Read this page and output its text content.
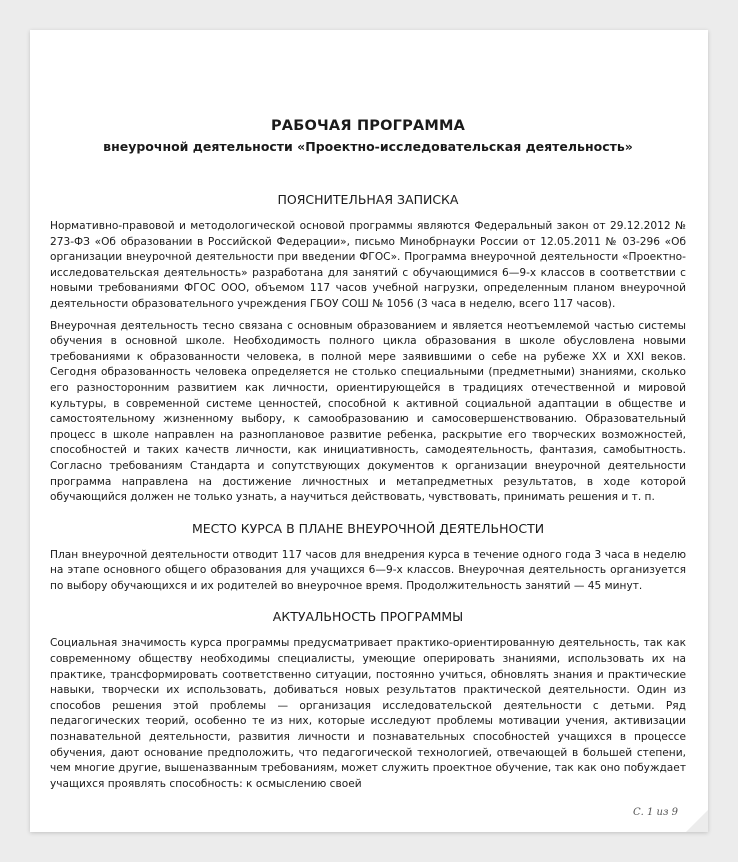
РАБОЧАЯ ПРОГРАММА
внеурочной деятельности «Проектно-исследовательская деятельность»
ПОЯСНИТЕЛЬНАЯ ЗАПИСКА

Нормативно-правовой и методологической основой программы являются Федеральный закон от 29.12.2012 № 273-ФЗ «Об образовании в Российской Федерации», письмо Минобрнауки России от 12.05.2011 № 03-296 «Об организации внеурочной деятельности при введении ФГОС». Программа внеурочной деятельности «Проектно-исследовательская деятельность» разработана для занятий с обучающимися 6—9-х классов в соответствии с новыми требованиями ФГОС ООО, объемом 117 часов учебной нагрузки, определенным планом внеурочной деятельности образовательного учреждения ГБОУ СОШ № 1056 (3 часа в неделю, всего 117 часов).

Внеурочная деятельность тесно связана с основным образованием и является неотъемлемой частью системы обучения в основной школе. Необходимость полного цикла образования в школе обусловлена новыми требованиями к образованности человека, в полной мере заявившими о себе на рубеже XX и XXI веков. Сегодня образованность человека определяется не столько специальными (предметными) знаниями, сколько его разносторонним развитием как личности, ориентирующейся в традициях отечественной и мировой культуры, в современной системе ценностей, способной к активной социальной адаптации в обществе и самостоятельному жизненному выбору, к самообразованию и самосовершенствованию. Образовательный процесс в школе направлен на разноплановое развитие ребенка, раскрытие его творческих возможностей, способностей и таких качеств личности, как инициативность, самодеятельность, фантазия, самобытность. Согласно требованиям Стандарта и сопутствующих документов к организации внеурочной деятельности программа направлена на достижение личностных и метапредметных результатов, в ходе которой обучающийся должен не только узнать, а научиться действовать, чувствовать, принимать решения и т. п.

МЕСТО КУРСА В ПЛАНЕ ВНЕУРОЧНОЙ ДЕЯТЕЛЬНОСТИ

План внеурочной деятельности отводит 117 часов для внедрения курса в течение одного года 3 часа в неделю на этапе основного общего образования для учащихся 6—9-х классов. Внеурочная деятельность организуется по выбору обучающихся и их родителей во внеурочное время. Продолжительность занятий — 45 минут.

АКТУАЛЬНОСТЬ ПРОГРАММЫ

Социальная значимость курса программы предусматривает практико-ориентированную деятельность, так как современному обществу необходимы специалисты, умеющие оперировать знаниями, использовать их на практике, трансформировать соответственно ситуации, постоянно учиться, обновлять знания и практические навыки, творчески их использовать, добиваться новых результатов практической деятельности. Один из способов решения этой проблемы — организация исследовательской деятельности с детьми. Ряд педагогических теорий, особенно те из них, которые исследуют проблемы мотивации учения, активизации познавательной деятельности, развития личности и познавательных способностей учащихся в процессе обучения, дают основание предположить, что педагогической технологией, отвечающей в большей степени, чем многие другие, вышеназванным требованиям, может служить проектное обучение, так как оно побуждает учащихся проявлять способность: к осмыслению своей

С. 1 из 9
